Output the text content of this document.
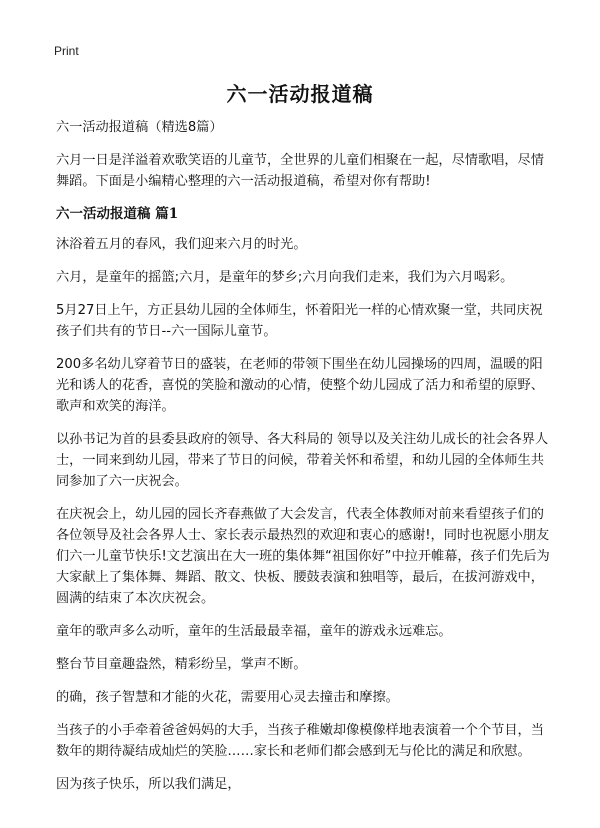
Print
六一活动报道稿

六一活动报道稿（精选8篇）

六月一日是洋溢着欢歌笑语的儿童节，全世界的儿童们相聚在一起，尽情歌唱，尽情舞蹈。下面是小编精心整理的六一活动报道稿，希望对你有帮助!

六一活动报道稿 篇1

沐浴着五月的春风，我们迎来六月的时光。

六月，是童年的摇篮;六月，是童年的梦乡;六月向我们走来，我们为六月喝彩。

5月27日上午，方正县幼儿园的全体师生，怀着阳光一样的心情欢聚一堂，共同庆祝孩子们共有的节日--六一国际儿童节。

200多名幼儿穿着节日的盛装，在老师的带领下围坐在幼儿园操场的四周，温暖的阳光和诱人的花香，喜悦的笑脸和激动的心情，使整个幼儿园成了活力和希望的原野、歌声和欢笑的海洋。

以孙书记为首的县委县政府的领导、各大科局的 领导以及关注幼儿成长的社会各界人士，一同来到幼儿园，带来了节日的问候，带着关怀和希望，和幼儿园的全体师生共同参加了六一庆祝会。

在庆祝会上，幼儿园的园长齐春燕做了大会发言，代表全体教师对前来看望孩子们的各位领导及社会各界人士、家长表示最热烈的欢迎和衷心的感谢!，同时也祝愿小朋友们六一儿童节快乐!文艺演出在大一班的集体舞“祖国你好”中拉开帷幕，孩子们先后为大家献上了集体舞、舞蹈、散文、快板、腰鼓表演和独唱等，最后，在拔河游戏中，圆满的结束了本次庆祝会。

童年的歌声多么动听，童年的生活最最幸福，童年的游戏永远难忘。

整台节目童趣盎然，精彩纷呈，掌声不断。

的确，孩子智慧和才能的火花，需要用心灵去撞击和摩擦。

当孩子的小手牵着爸爸妈妈的大手，当孩子稚嫩却像模像样地表演着一个个节目，当数年的期待凝结成灿烂的笑脸……家长和老师们都会感到无与伦比的满足和欣慰。

因为孩子快乐，所以我们满足，
